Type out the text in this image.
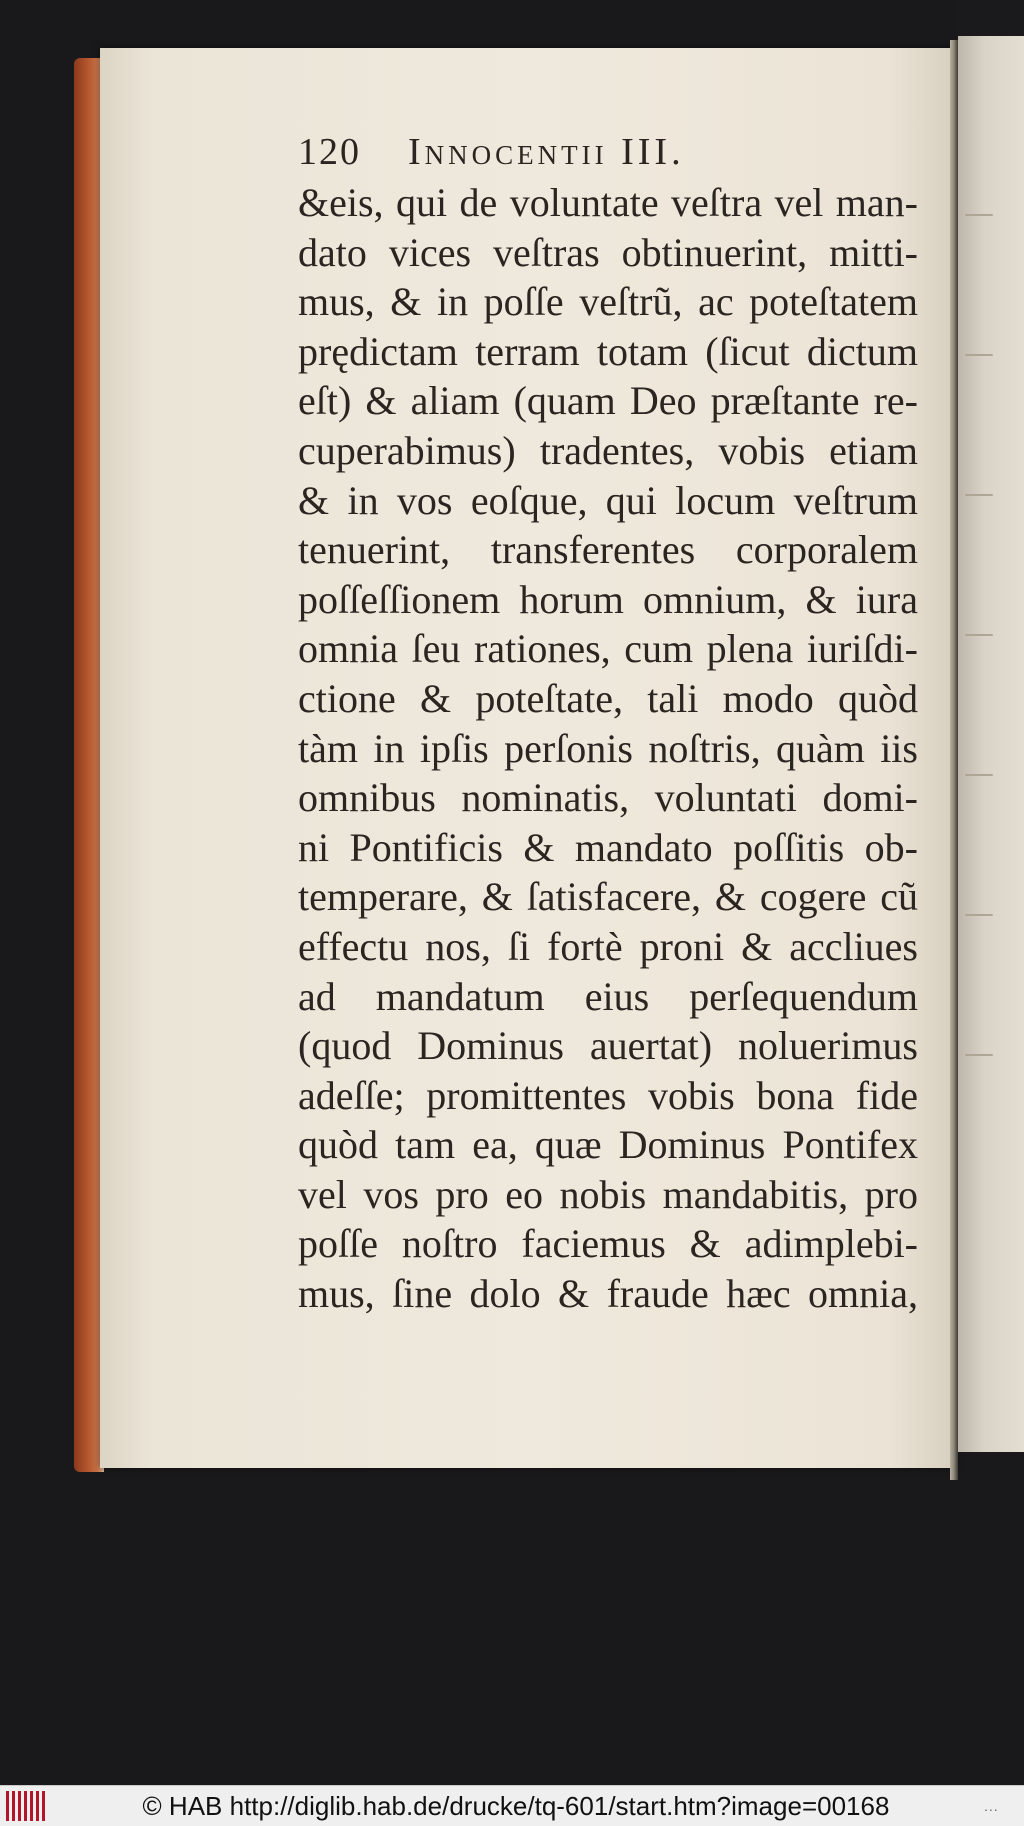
—
—
—
—
—
—
—
120	Innocentii III.
&eis, qui de voluntate veſtra vel man-
dato vices veſtras obtinuerint, mitti-
mus, & in poſſe veſtrũ, ac poteſtatem
prędictam terram totam (ſicut dictum
eſt) & aliam (quam Deo præſtante re-
cuperabimus) tradentes, vobis etiam
& in vos eoſque, qui locum veſtrum
tenuerint, transferentes corporalem
poſſeſſionem horum omnium, & iura
omnia ſeu rationes, cum plena iuriſdi-
ctione & poteſtate, tali modo quòd
tàm in ipſis perſonis noſtris, quàm iis
omnibus nominatis, voluntati domi-
ni Pontificis & mandato poſſitis ob-
temperare, & ſatisfacere, & cogere cũ
effectu nos, ſi fortè proni & accliues
ad mandatum eius perſequendum
(quod Dominus auertat) noluerimus
adeſſe; promittentes vobis bona fide
quòd tam ea, quæ Dominus Pontifex
vel vos pro eo nobis mandabitis, pro
poſſe noſtro faciemus & adimplebi-
mus, ſine dolo & fraude hæc omnia,
© HAB http://diglib.hab.de/drucke/tq-601/start.htm?image=00168	...
